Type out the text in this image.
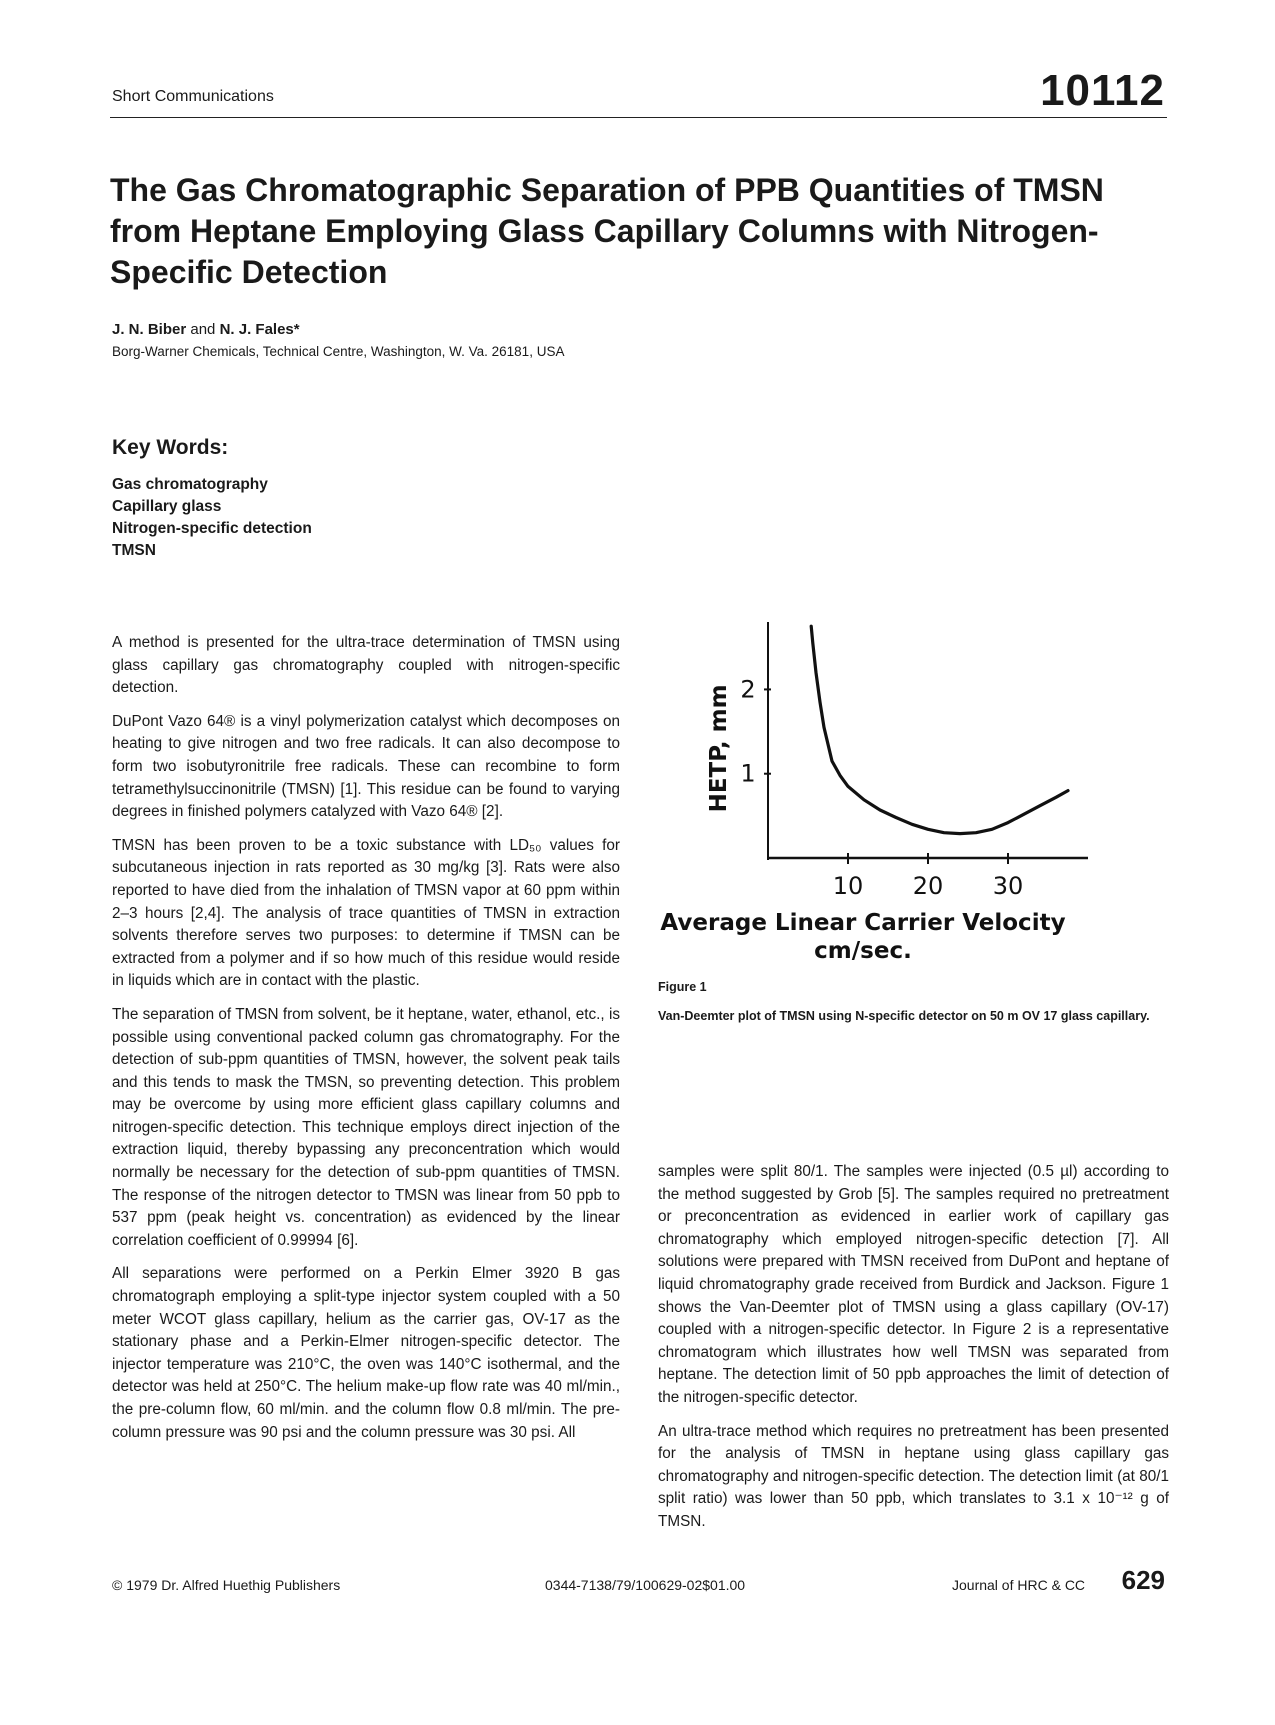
Short Communications	10112
The Gas Chromatographic Separation of PPB Quantities of TMSN from Heptane Employing Glass Capillary Columns with Nitrogen-Specific Detection
J. N. Biber and N. J. Fales*
Borg-Warner Chemicals, Technical Centre, Washington, W. Va. 26181, USA
Key Words:
Gas chromatography
Capillary glass
Nitrogen-specific detection
TMSN

A method is presented for the ultra-trace determination of TMSN using glass capillary gas chromatography coupled with nitrogen-specific detection.

DuPont Vazo 64® is a vinyl polymerization catalyst which decomposes on heating to give nitrogen and two free radicals. It can also decompose to form two isobutyronitrile free radicals. These can recombine to form tetramethylsuccinonitrile (TMSN) [1]. This residue can be found to varying degrees in finished polymers catalyzed with Vazo 64® [2].

TMSN has been proven to be a toxic substance with LD₅₀ values for subcutaneous injection in rats reported as 30 mg/kg [3]. Rats were also reported to have died from the inhalation of TMSN vapor at 60 ppm within 2–3 hours [2,4]. The analysis of trace quantities of TMSN in extraction solvents therefore serves two purposes: to determine if TMSN can be extracted from a polymer and if so how much of this residue would reside in liquids which are in contact with the plastic.

The separation of TMSN from solvent, be it heptane, water, ethanol, etc., is possible using conventional packed column gas chromatography. For the detection of sub-ppm quantities of TMSN, however, the solvent peak tails and this tends to mask the TMSN, so preventing detection. This problem may be overcome by using more efficient glass capillary columns and nitrogen-specific detection. This technique employs direct injection of the extraction liquid, thereby bypassing any preconcentration which would normally be necessary for the detection of sub-ppm quantities of TMSN. The response of the nitrogen detector to TMSN was linear from 50 ppb to 537 ppm (peak height vs. concentration) as evidenced by the linear correlation coefficient of 0.99994 [6].

All separations were performed on a Perkin Elmer 3920 B gas chromatograph employing a split-type injector system coupled with a 50 meter WCOT glass capillary, helium as the carrier gas, OV-17 as the stationary phase and a Perkin-Elmer nitrogen-specific detector. The injector temperature was 210°C, the oven was 140°C isothermal, and the detector was held at 250°C. The helium make-up flow rate was 40 ml/min., the pre-column flow, 60 ml/min. and the column flow 0.8 ml/min. The pre-column pressure was 90 psi and the column pressure was 30 psi. All

10 20 30
1
2
HETP, mm
Average Linear Carrier Velocity
cm/sec.
Figure 1
Van-Deemter plot of TMSN using N-specific detector on 50 m OV 17 glass capillary.

samples were split 80/1. The samples were injected (0.5 µl) according to the method suggested by Grob [5]. The samples required no pretreatment or preconcentration as evidenced in earlier work of capillary gas chromatography which employed nitrogen-specific detection [7]. All solutions were prepared with TMSN received from DuPont and heptane of liquid chromatography grade received from Burdick and Jackson. Figure 1 shows the Van-Deemter plot of TMSN using a glass capillary (OV-17) coupled with a nitrogen-specific detector. In Figure 2 is a representative chromatogram which illustrates how well TMSN was separated from heptane. The detection limit of 50 ppb approaches the limit of detection of the nitrogen-specific detector.

An ultra-trace method which requires no pretreatment has been presented for the analysis of TMSN in heptane using glass capillary gas chromatography and nitrogen-specific detection. The detection limit (at 80/1 split ratio) was lower than 50 ppb, which translates to 3.1 x 10⁻¹² g of TMSN.

© 1979 Dr. Alfred Huethig Publishers	0344-7138/79/100629-02$01.00	Journal of HRC & CC 629
